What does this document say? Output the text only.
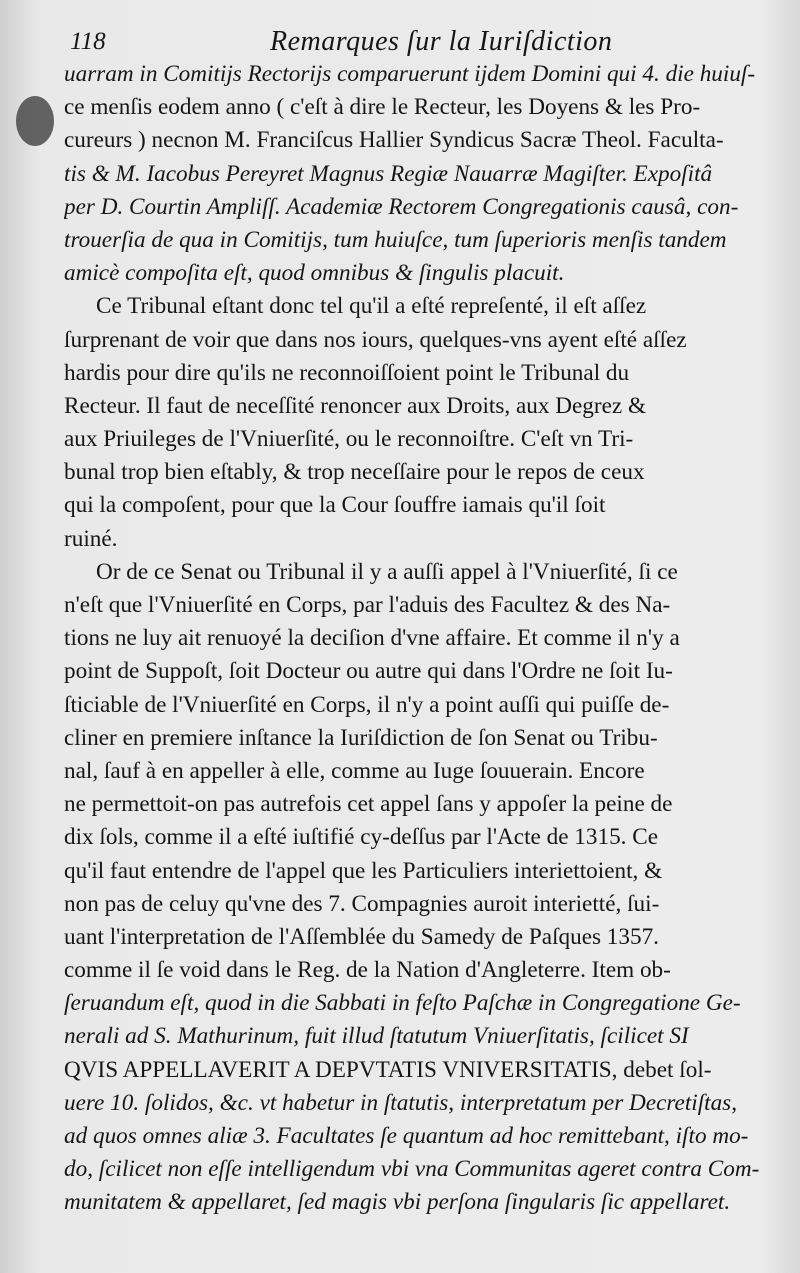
118	Remarques ſur la Iuriſdiction
uarram in Comitijs Rectorijs comparuerunt ijdem Domini qui 4. die huiuſ-
ce menſis eodem anno ( c'eſt à dire le Recteur, les Doyens & les Pro-
cureurs ) necnon M. Franciſcus Hallier Syndicus Sacræ Theol. Faculta-
tis & M. Iacobus Pereyret Magnus Regiæ Nauarræ Magiſter. Expoſitâ
per D. Courtin Ampliſſ. Academiæ Rectorem Congregationis causâ, con-
trouerſia de qua in Comitijs, tum huiuſce, tum ſuperioris menſis tandem
amicè compoſita eſt, quod omnibus & ſingulis placuit.
Ce Tribunal eſtant donc tel qu'il a eſté repreſenté, il eſt aſſez
ſurprenant de voir que dans nos iours, quelques-vns ayent eſté aſſez
hardis pour dire qu'ils ne reconnoiſſoient point le Tribunal du
Recteur. Il faut de neceſſité renoncer aux Droits, aux Degrez &
aux Priuileges de l'Vniuerſité, ou le reconnoiſtre. C'eſt vn Tri-
bunal trop bien eſtably, & trop neceſſaire pour le repos de ceux
qui la compoſent, pour que la Cour ſouffre iamais qu'il ſoit
ruiné.
Or de ce Senat ou Tribunal il y a auſſi appel à l'Vniuerſité, ſi ce
n'eſt que l'Vniuerſité en Corps, par l'aduis des Facultez & des Na-
tions ne luy ait renuoyé la deciſion d'vne affaire. Et comme il n'y a
point de Suppoſt, ſoit Docteur ou autre qui dans l'Ordre ne ſoit Iu-
ſticiable de l'Vniuerſité en Corps, il n'y a point auſſi qui puiſſe de-
cliner en premiere inſtance la Iuriſdiction de ſon Senat ou Tribu-
nal, ſauf à en appeller à elle, comme au Iuge ſouuerain. Encore
ne permettoit-on pas autrefois cet appel ſans y appoſer la peine de
dix ſols, comme il a eſté iuſtifié cy-deſſus par l'Acte de 1315. Ce
qu'il faut entendre de l'appel que les Particuliers interiettoient, &
non pas de celuy qu'vne des 7. Compagnies auroit interietté, ſui-
uant l'interpretation de l'Aſſemblée du Samedy de Paſques 1357.
comme il ſe void dans le Reg. de la Nation d'Angleterre. Item ob-
ſeruandum eſt, quod in die Sabbati in feſto Paſchæ in Congregatione Ge-
nerali ad S. Mathurinum, fuit illud ſtatutum Vniuerſitatis, ſcilicet SI
QVIS APPELLAVERIT A DEPVTATIS VNIVERSITATIS, debet ſol-
uere 10. ſolidos, &c. vt habetur in ſtatutis, interpretatum per Decretiſtas,
ad quos omnes aliæ 3. Facultates ſe quantum ad hoc remittebant, iſto mo-
do, ſcilicet non eſſe intelligendum vbi vna Communitas ageret contra Com-
munitatem & appellaret, ſed magis vbi perſona ſingularis ſic appellaret.
